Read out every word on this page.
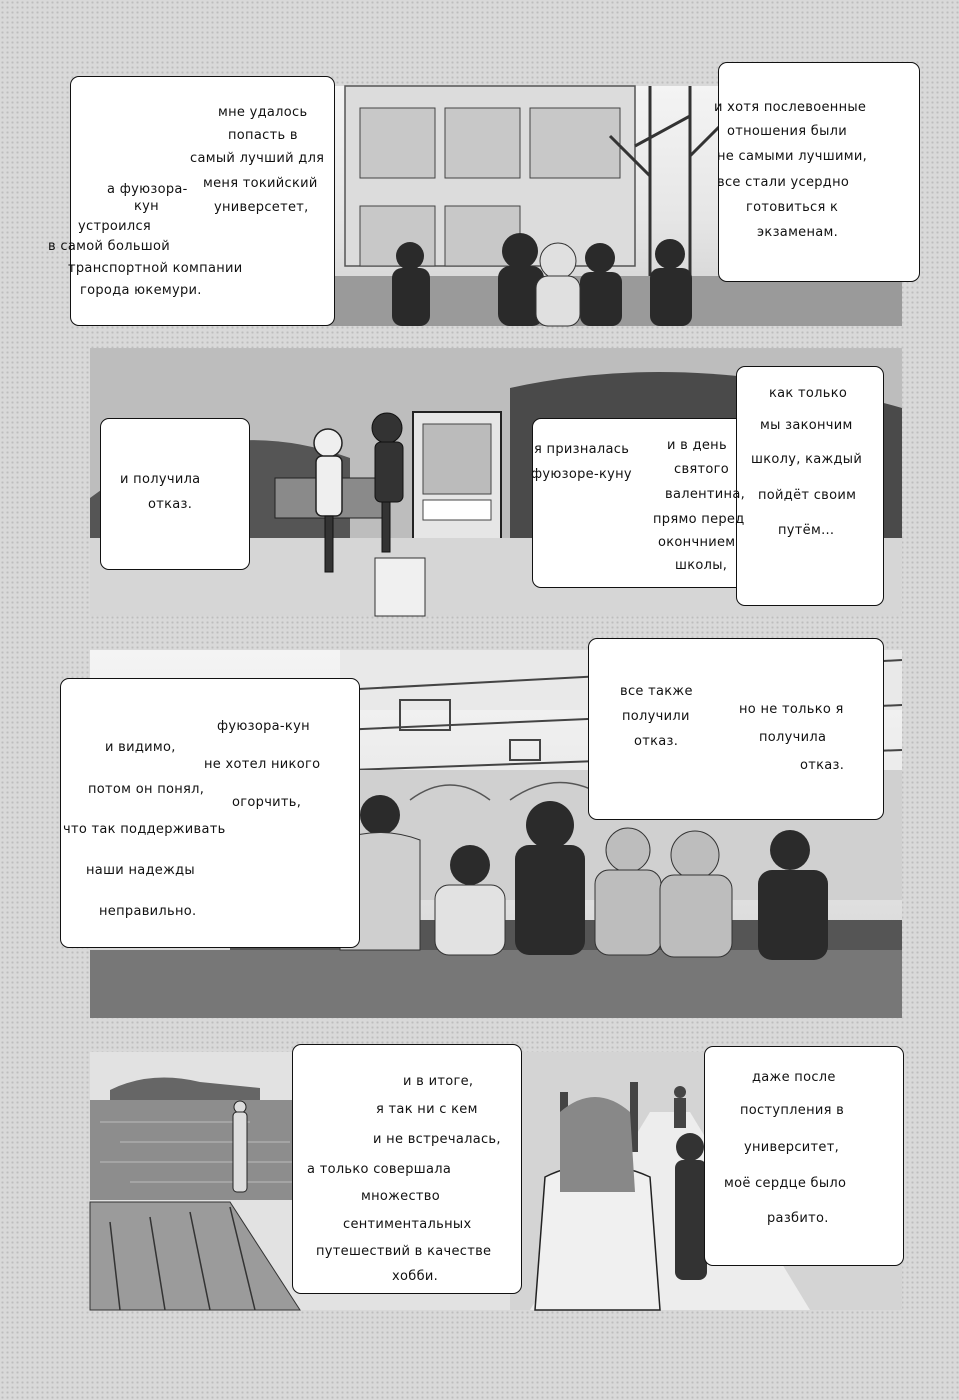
мне удалось
попасть в
самый лучший для
меня токийский
универсетет,
а фуюзора-
кун
устроился
в самой большой
транспортной компании
города юкемури.
и хотя послевоенные
отношения были
не самыми лучшими,
все стали усердно
готовиться к
экзаменам.
и получила
отказ.
я призналась
фуюзоре-куну
и в день
святого
валентина,
прямо перед
окончнием
школы,
как только
мы закончим
школу, каждый
пойдёт своим
путём...
фуюзора-кун
не хотел никого
огорчить,
и видимо,
потом он понял,
что так поддерживать
наши надежды
неправильно.
все также
получили
отказ.
но не только я
получила
отказ.
и в итоге,
я так ни с кем
и не встречалась,
а только совершала
множество
сентиментальных
путешествий в качестве
хобби.
даже после
поступления в
университет,
моё сердце было
разбито.
